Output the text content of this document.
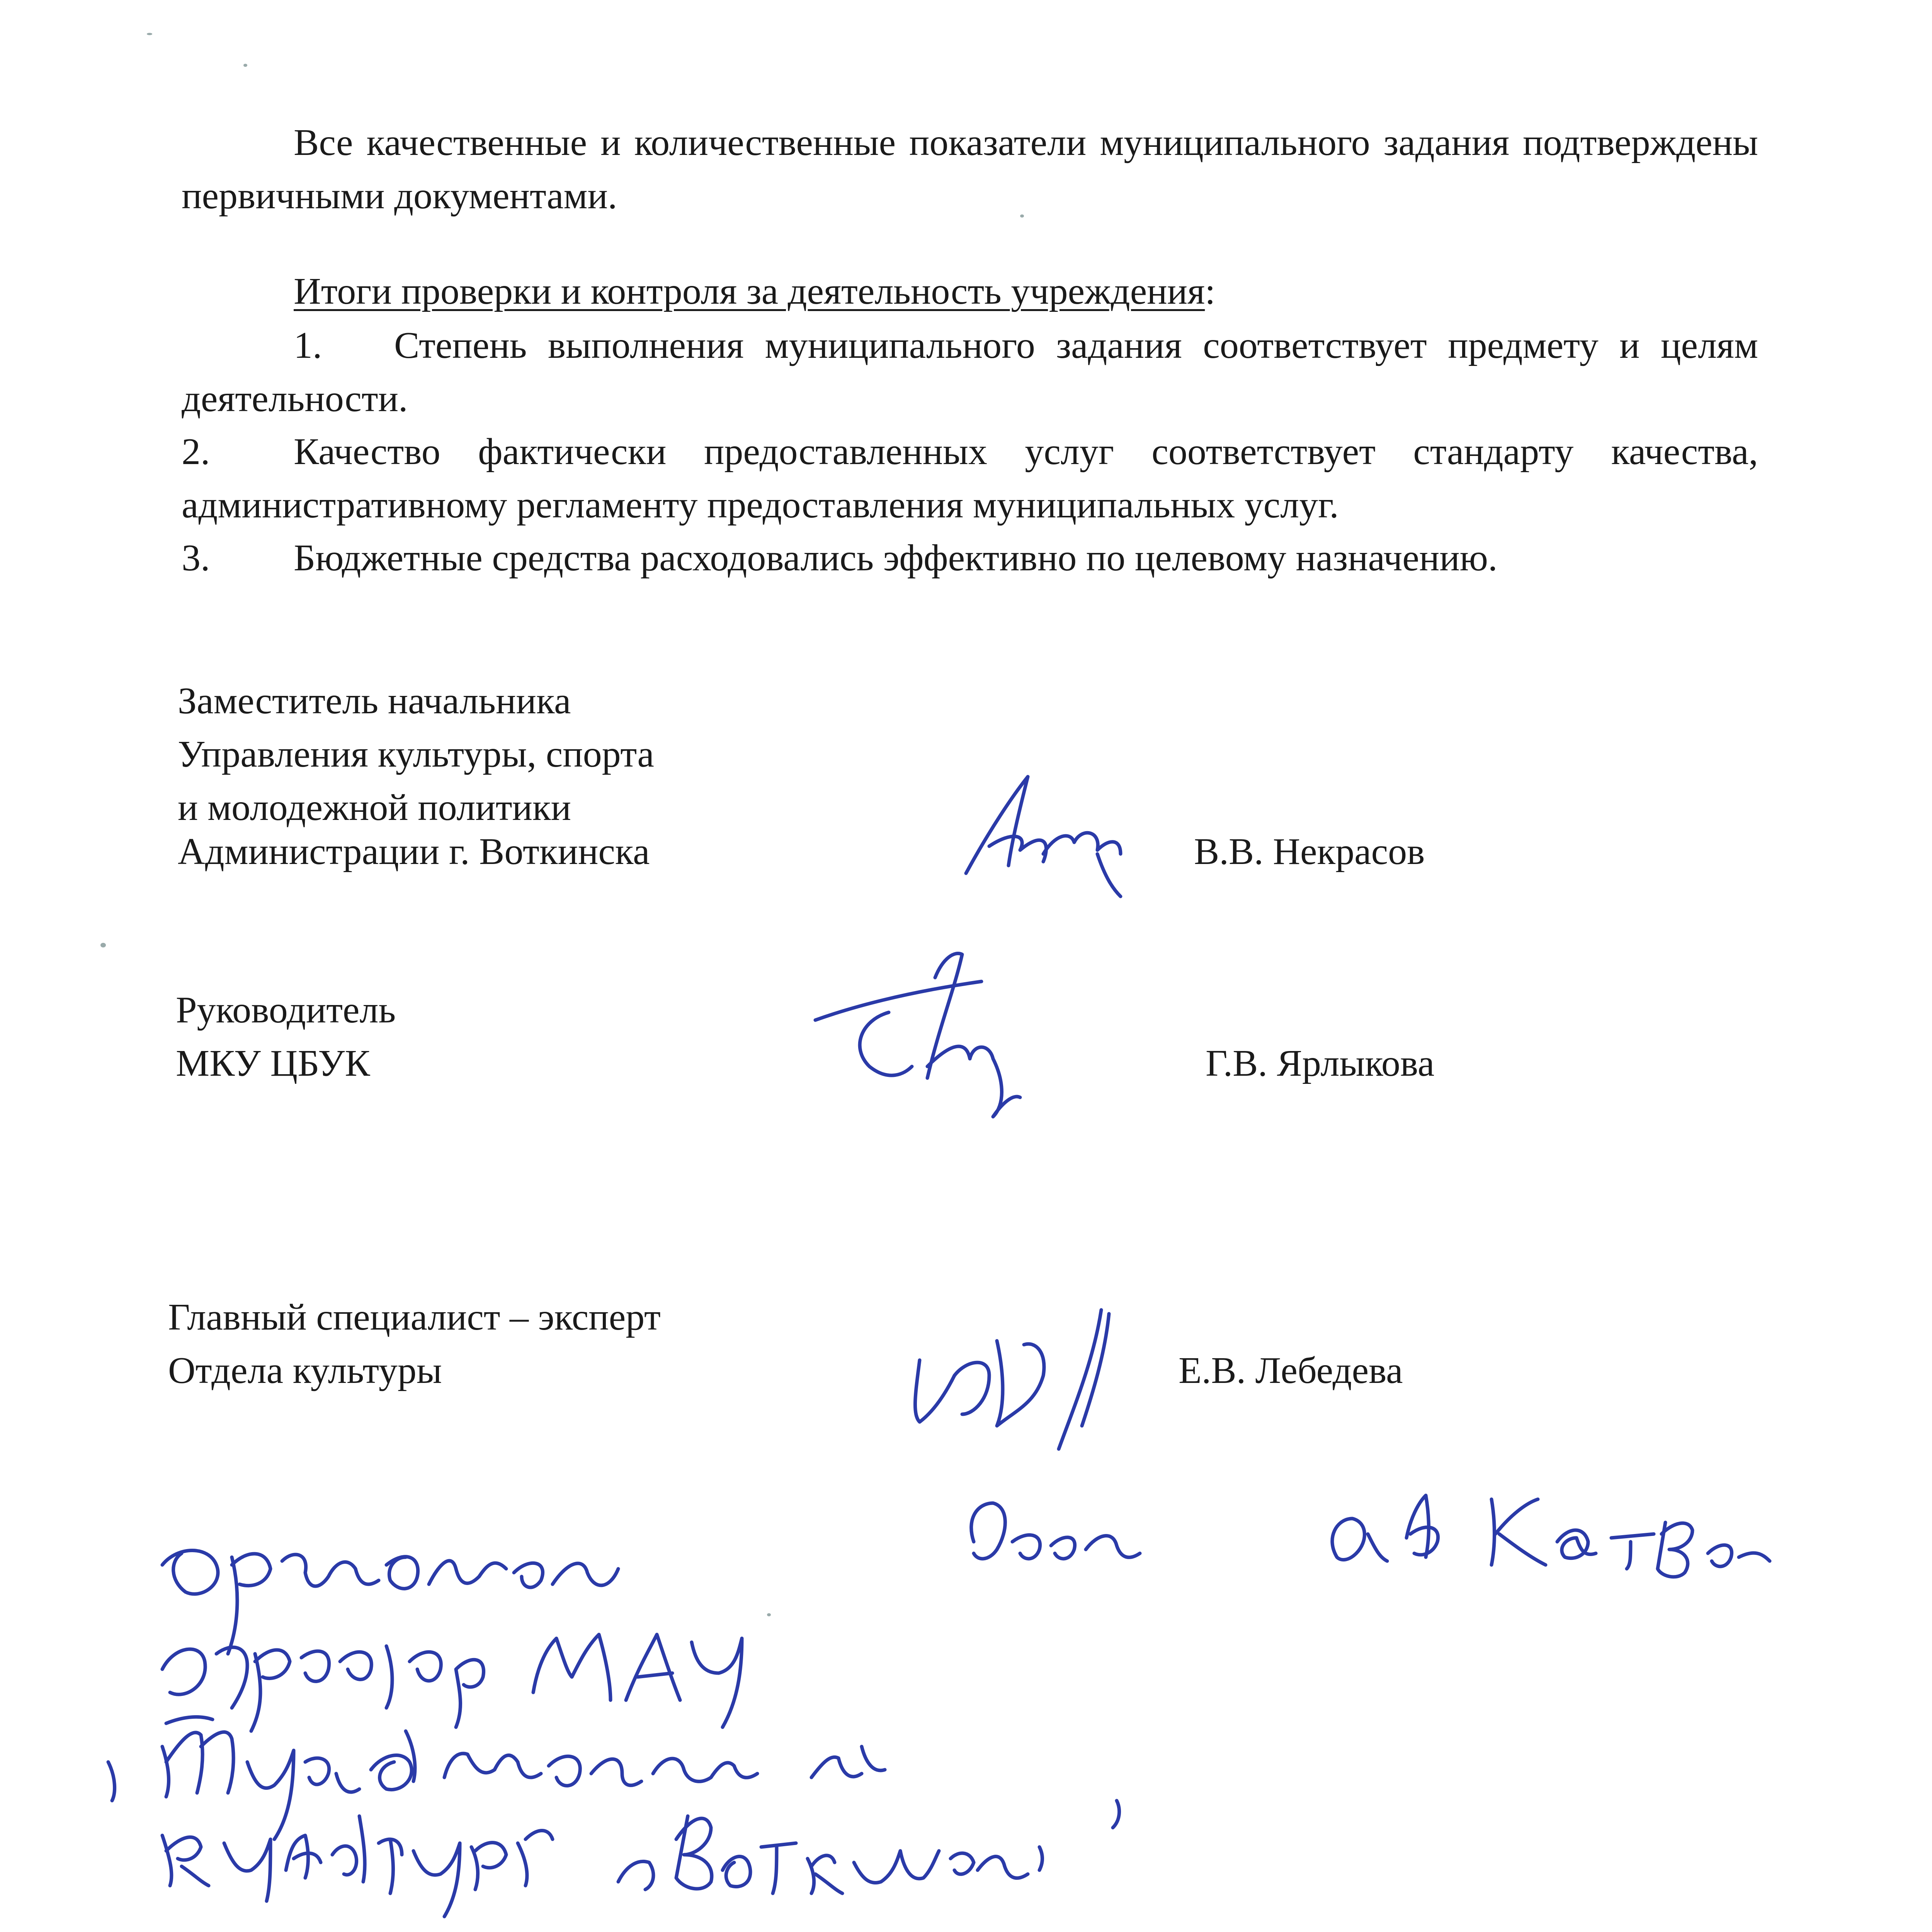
Все качественные и количественные показатели муниципального задания подтверждены первичными документами.
Итоги проверки и контроля за деятельность учреждения:
1. Степень выполнения муниципального задания соответствует предмету и целям деятельности.
2. Качество фактически предоставленных услуг соответствует стандарту качества, административному регламенту предоставления муниципальных услуг.
3. Бюджетные средства расходовались эффективно по целевому назначению.
Заместитель начальника
Управления культуры, спорта
и молодежной политики
Администрации г. Воткинска	В.В. Некрасов
Руководитель
МКУ ЦБУК	Г.В. Ярлыкова
Главный специалист – эксперт
Отдела культуры	Е.В. Лебедева
